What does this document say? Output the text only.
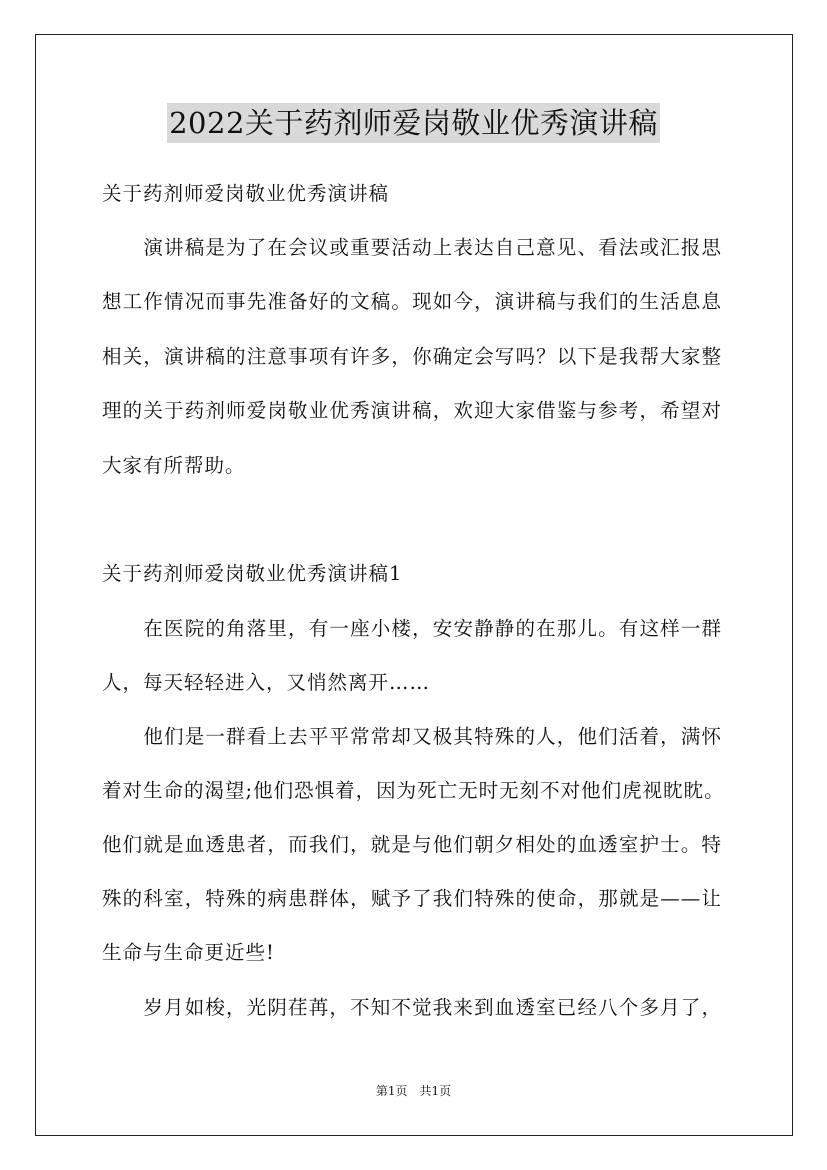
2022关于药剂师爱岗敬业优秀演讲稿
关于药剂师爱岗敬业优秀演讲稿
　　演讲稿是为了在会议或重要活动上表达自己意见、看法或汇报思
想工作情况而事先准备好的文稿。现如今，演讲稿与我们的生活息息
相关，演讲稿的注意事项有许多，你确定会写吗？以下是我帮大家整
理的关于药剂师爱岗敬业优秀演讲稿，欢迎大家借鉴与参考，希望对
大家有所帮助。
关于药剂师爱岗敬业优秀演讲稿1
　　在医院的角落里，有一座小楼，安安静静的在那儿。有这样一群
人，每天轻轻进入，又悄然离开……
　　他们是一群看上去平平常常却又极其特殊的人，他们活着，满怀
着对生命的渴望;他们恐惧着，因为死亡无时无刻不对他们虎视眈眈。
他们就是血透患者，而我们，就是与他们朝夕相处的血透室护士。特
殊的科室，特殊的病患群体，赋予了我们特殊的使命，那就是——让
生命与生命更近些!
　　岁月如梭，光阴荏苒，不知不觉我来到血透室已经八个多月了，
第1页　共1页
